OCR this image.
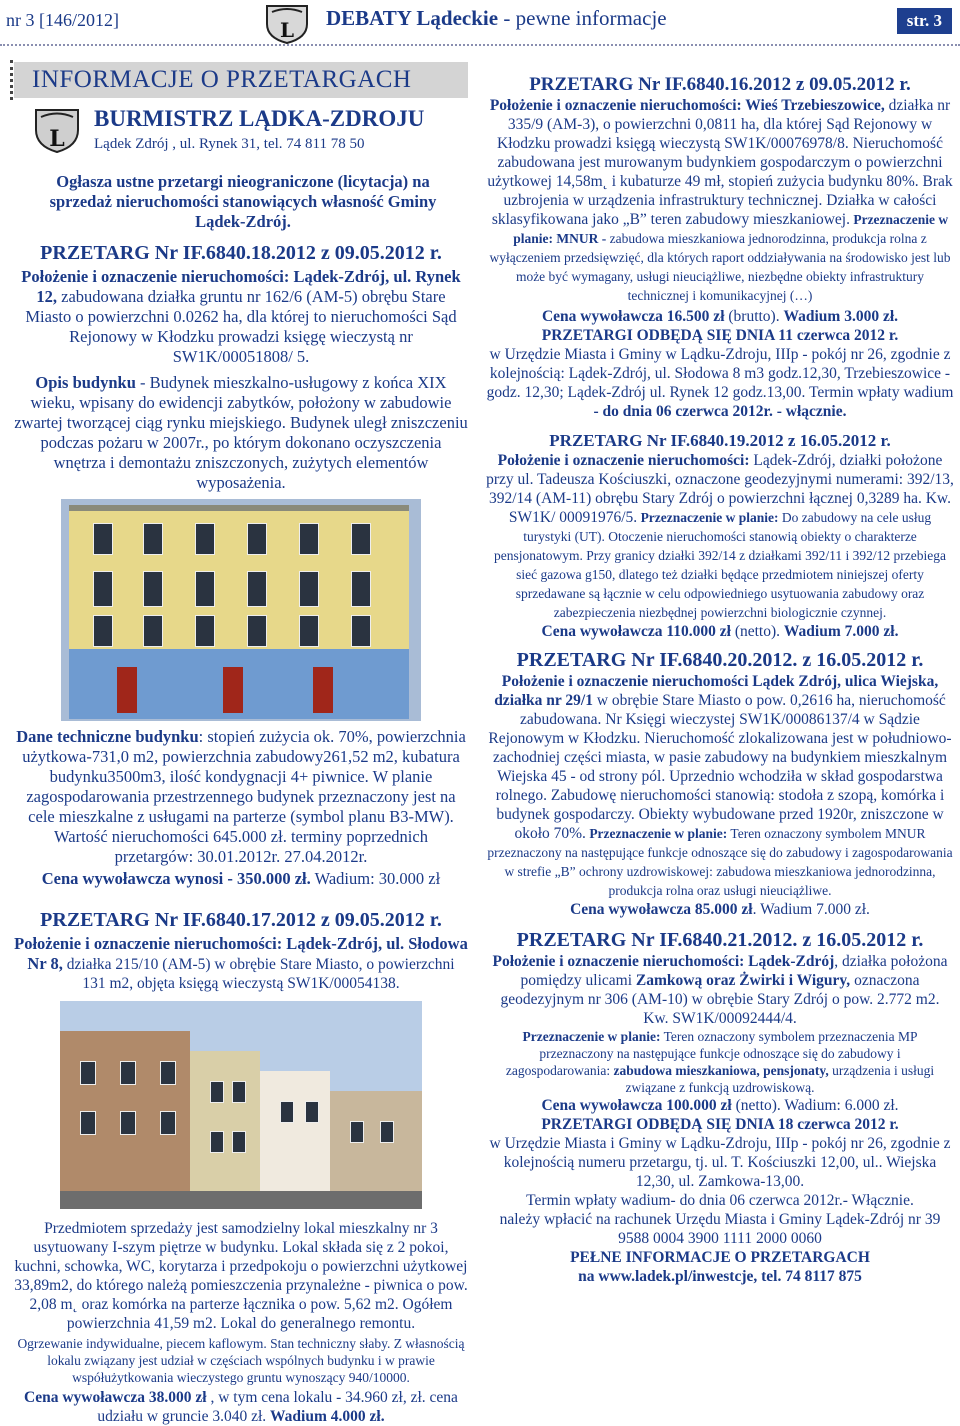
nr 3 [146/2012]	L DEBATY Lądeckie - pewne informacje	str. 3
INFORMACJE O PRZETARGACH
L
BURMISTRZ LĄDKA-ZDROJU
Lądek Zdrój , ul. Rynek 31, tel. 74 811 78 50

Ogłasza ustne przetargi nieograniczone (licytacja) na sprzedaż nieruchomości stanowiących własność Gminy Lądek-Zdrój.

PRZETARG Nr IF.6840.18.2012 z 09.05.2012 r.

Położenie i oznaczenie nieruchomości: Lądek-Zdrój, ul. Rynek 12, zabudowana działka gruntu nr 162/6 (AM-5) obrębu Stare Miasto o powierzchni 0.0262 ha, dla której to nieruchomości Sąd Rejonowy w Kłodzku prowadzi księgę wieczystą nr SW1K/00051808/ 5.

Opis budynku - Budynek mieszkalno-usługowy z końca XIX wieku, wpisany do ewidencji zabytków, położony w zabudowie zwartej tworzącej ciąg rynku miejskiego. Budynek uległ zniszczeniu podczas pożaru w 2007r., po którym dokonano oczyszczenia wnętrza i demontażu zniszczonych, zużytych elementów wyposażenia.

Dane techniczne budynku: stopień zużycia ok. 70%, powierzchnia użytkowa-731,0 m2, powierzchnia zabudowy261,52 m2, kubatura budynku3500m3, ilość kondygnacji 4+ piwnice. W planie zagospodarowania przestrzennego budynek przeznaczony jest na cele mieszkalne z usługami na parterze (symbol planu B3-MW). Wartość nieruchomości 645.000 zł. terminy poprzednich przetargów: 30.01.2012r. 27.04.2012r.

Cena wywoławcza wynosi - 350.000 zł. Wadium: 30.000 zł

PRZETARG Nr IF.6840.17.2012 z 09.05.2012 r.

Położenie i oznaczenie nieruchomości: Lądek-Zdrój, ul. Słodowa Nr 8, działka 215/10 (AM-5) w obrębie Stare Miasto, o powierzchni 131 m2, objęta księgą wieczystą SW1K/00054138.

Przedmiotem sprzedaży jest samodzielny lokal mieszkalny nr 3 usytuowany I-szym piętrze w budynku. Lokal składa się z 2 pokoi, kuchni, schowka, WC, korytarza i przedpokoju o powierzchni użytkowej 33,89m2, do którego należą pomieszczenia przynależne - piwnica o pow. 2,08 m˛ oraz komórka na parterze łącznika o pow. 5,62 m2. Ogółem powierzchnia 41,59 m2. Lokal do generalnego remontu.

Ogrzewanie indywidualne, piecem kaflowym. Stan techniczny słaby. Z własnością lokalu związany jest udział w częściach wspólnych budynku i w prawie współużytkowania wieczystego gruntu wynoszący 940/10000.

Cena wywoławcza 38.000 zł , w tym cena lokalu - 34.960 zł, zł. cena udziału w gruncie 3.040 zł. Wadium 4.000 zł.

PRZETARG Nr IF.6840.16.2012 z 09.05.2012 r.

Położenie i oznaczenie nieruchomości: Wieś Trzebieszowice, działka nr 335/9 (AM-3), o powierzchni 0,0811 ha, dla której Sąd Rejonowy w Kłodzku prowadzi księgą wieczystą SW1K/00076978/8. Nieruchomość zabudowana jest murowanym budynkiem gospodarczym o powierzchni użytkowej 14,58m˛ i kubaturze 49 mł, stopień zużycia budynku 80%. Brak uzbrojenia w urządzenia infrastruktury technicznej. Działka w całości sklasyfikowana jako „B” teren zabudowy mieszkaniowej. Przeznaczenie w planie: MNUR - zabudowa mieszkaniowa jednorodzinna, produkcja rolna z wyłączeniem przedsięwzięć, dla których raport oddziaływania na środowisko jest lub może być wymagany, usługi nieuciążliwe, niezbędne obiekty infrastruktury technicznej i komunikacyjnej (…)

Cena wywoławcza 16.500 zł (brutto). Wadium 3.000 zł.

PRZETARGI ODBĘDĄ SIĘ DNIA 11 czerwca 2012 r.

w Urzędzie Miasta i Gminy w Lądku-Zdroju, IIIp - pokój nr 26, zgodnie z kolejnością: Lądek-Zdrój, ul. Słodowa 8 m3 godz.12,30, Trzebieszowice - godz. 12,30; Lądek-Zdrój ul. Rynek 12 godz.13,00. Termin wpłaty wadium

- do dnia 06 czerwca 2012r. - włącznie.

PRZETARG Nr IF.6840.19.2012 z 16.05.2012 r.

Położenie i oznaczenie nieruchomości: Lądek-Zdrój, działki położone przy ul. Tadeusza Kościuszki, oznaczone geodezyjnymi numerami: 392/13, 392/14 (AM-11) obrębu Stary Zdrój o powierzchni łącznej 0,3289 ha. Kw. SW1K/ 00091976/5. Przeznaczenie w planie: Do zabudowy na cele usług turystyki (UT). Otoczenie nieruchomości stanowią obiekty o charakterze pensjonatowym. Przy granicy działki 392/14 z działkami 392/11 i 392/12 przebiega sieć gazowa g150, dlatego też działki będące przedmiotem niniejszej oferty sprzedawane są łącznie w celu odpowiedniego usytuowania zabudowy oraz zabezpieczenia niezbędnej powierzchni biologicznie czynnej.

Cena wywoławcza 110.000 zł (netto). Wadium 7.000 zł.

PRZETARG Nr IF.6840.20.2012. z 16.05.2012 r.

Położenie i oznaczenie nieruchomości Lądek Zdrój, ulica Wiejska, działka nr 29/1 w obrębie Stare Miasto o pow. 0,2616 ha, nieruchomość zabudowana. Nr Księgi wieczystej SW1K/00086137/4 w Sądzie Rejonowym w Kłodzku. Nieruchomość zlokalizowana jest w południowo-zachodniej części miasta, w pasie zabudowy na budynkiem mieszkalnym Wiejska 45 - od strony pól. Uprzednio wchodziła w skład gospodarstwa rolnego. Zabudowę nieruchomości stanowią: stodoła z szopą, komórka i budynek gospodarczy. Obiekty wybudowane przed 1920r, zniszczone w około 70%. Przeznaczenie w planie: Teren oznaczony symbolem MNUR przeznaczony na następujące funkcje odnoszące się do zabudowy i zagospodarowania w strefie „B” ochrony uzdrowiskowej: zabudowa mieszkaniowa jednorodzinna, produkcja rolna oraz usługi nieuciążliwe.

Cena wywoławcza 85.000 zł. Wadium 7.000 zł.

PRZETARG Nr IF.6840.21.2012. z 16.05.2012 r.

Położenie i oznaczenie nieruchomości: Lądek-Zdrój, działka położona pomiędzy ulicami Zamkową oraz Żwirki i Wigury, oznaczona geodezyjnym nr 306 (AM-10) w obrębie Stary Zdrój o pow. 2.772 m2. Kw. SW1K/00092444/4.

Przeznaczenie w planie: Teren oznaczony symbolem przeznaczenia MP przeznaczony na następujące funkcje odnoszące się do zabudowy i zagospodarowania: zabudowa mieszkaniowa, pensjonaty, urządzenia i usługi związane z funkcją uzdrowiskową.

Cena wywoławcza 100.000 zł (netto). Wadium: 6.000 zł.

PRZETARGI ODBĘDĄ SIĘ DNIA 18 czerwca 2012 r.

w Urzędzie Miasta i Gminy w Lądku-Zdroju, IIIp - pokój nr 26, zgodnie z kolejnością numeru przetargu, tj. ul. T. Kościuszki 12,00, ul.. Wiejska 12,30, ul. Zamkowa-13,00.

Termin wpłaty wadium- do dnia 06 czerwca 2012r.- Włącznie.

należy wpłacić na rachunek Urzędu Miasta i Gminy Lądek-Zdrój nr 39 9588 0004 3900 1111 2000 0060

PEŁNE INFORMACJE O PRZETARGACH

na www.ladek.pl/inwestcje, tel. 74 8117 875
